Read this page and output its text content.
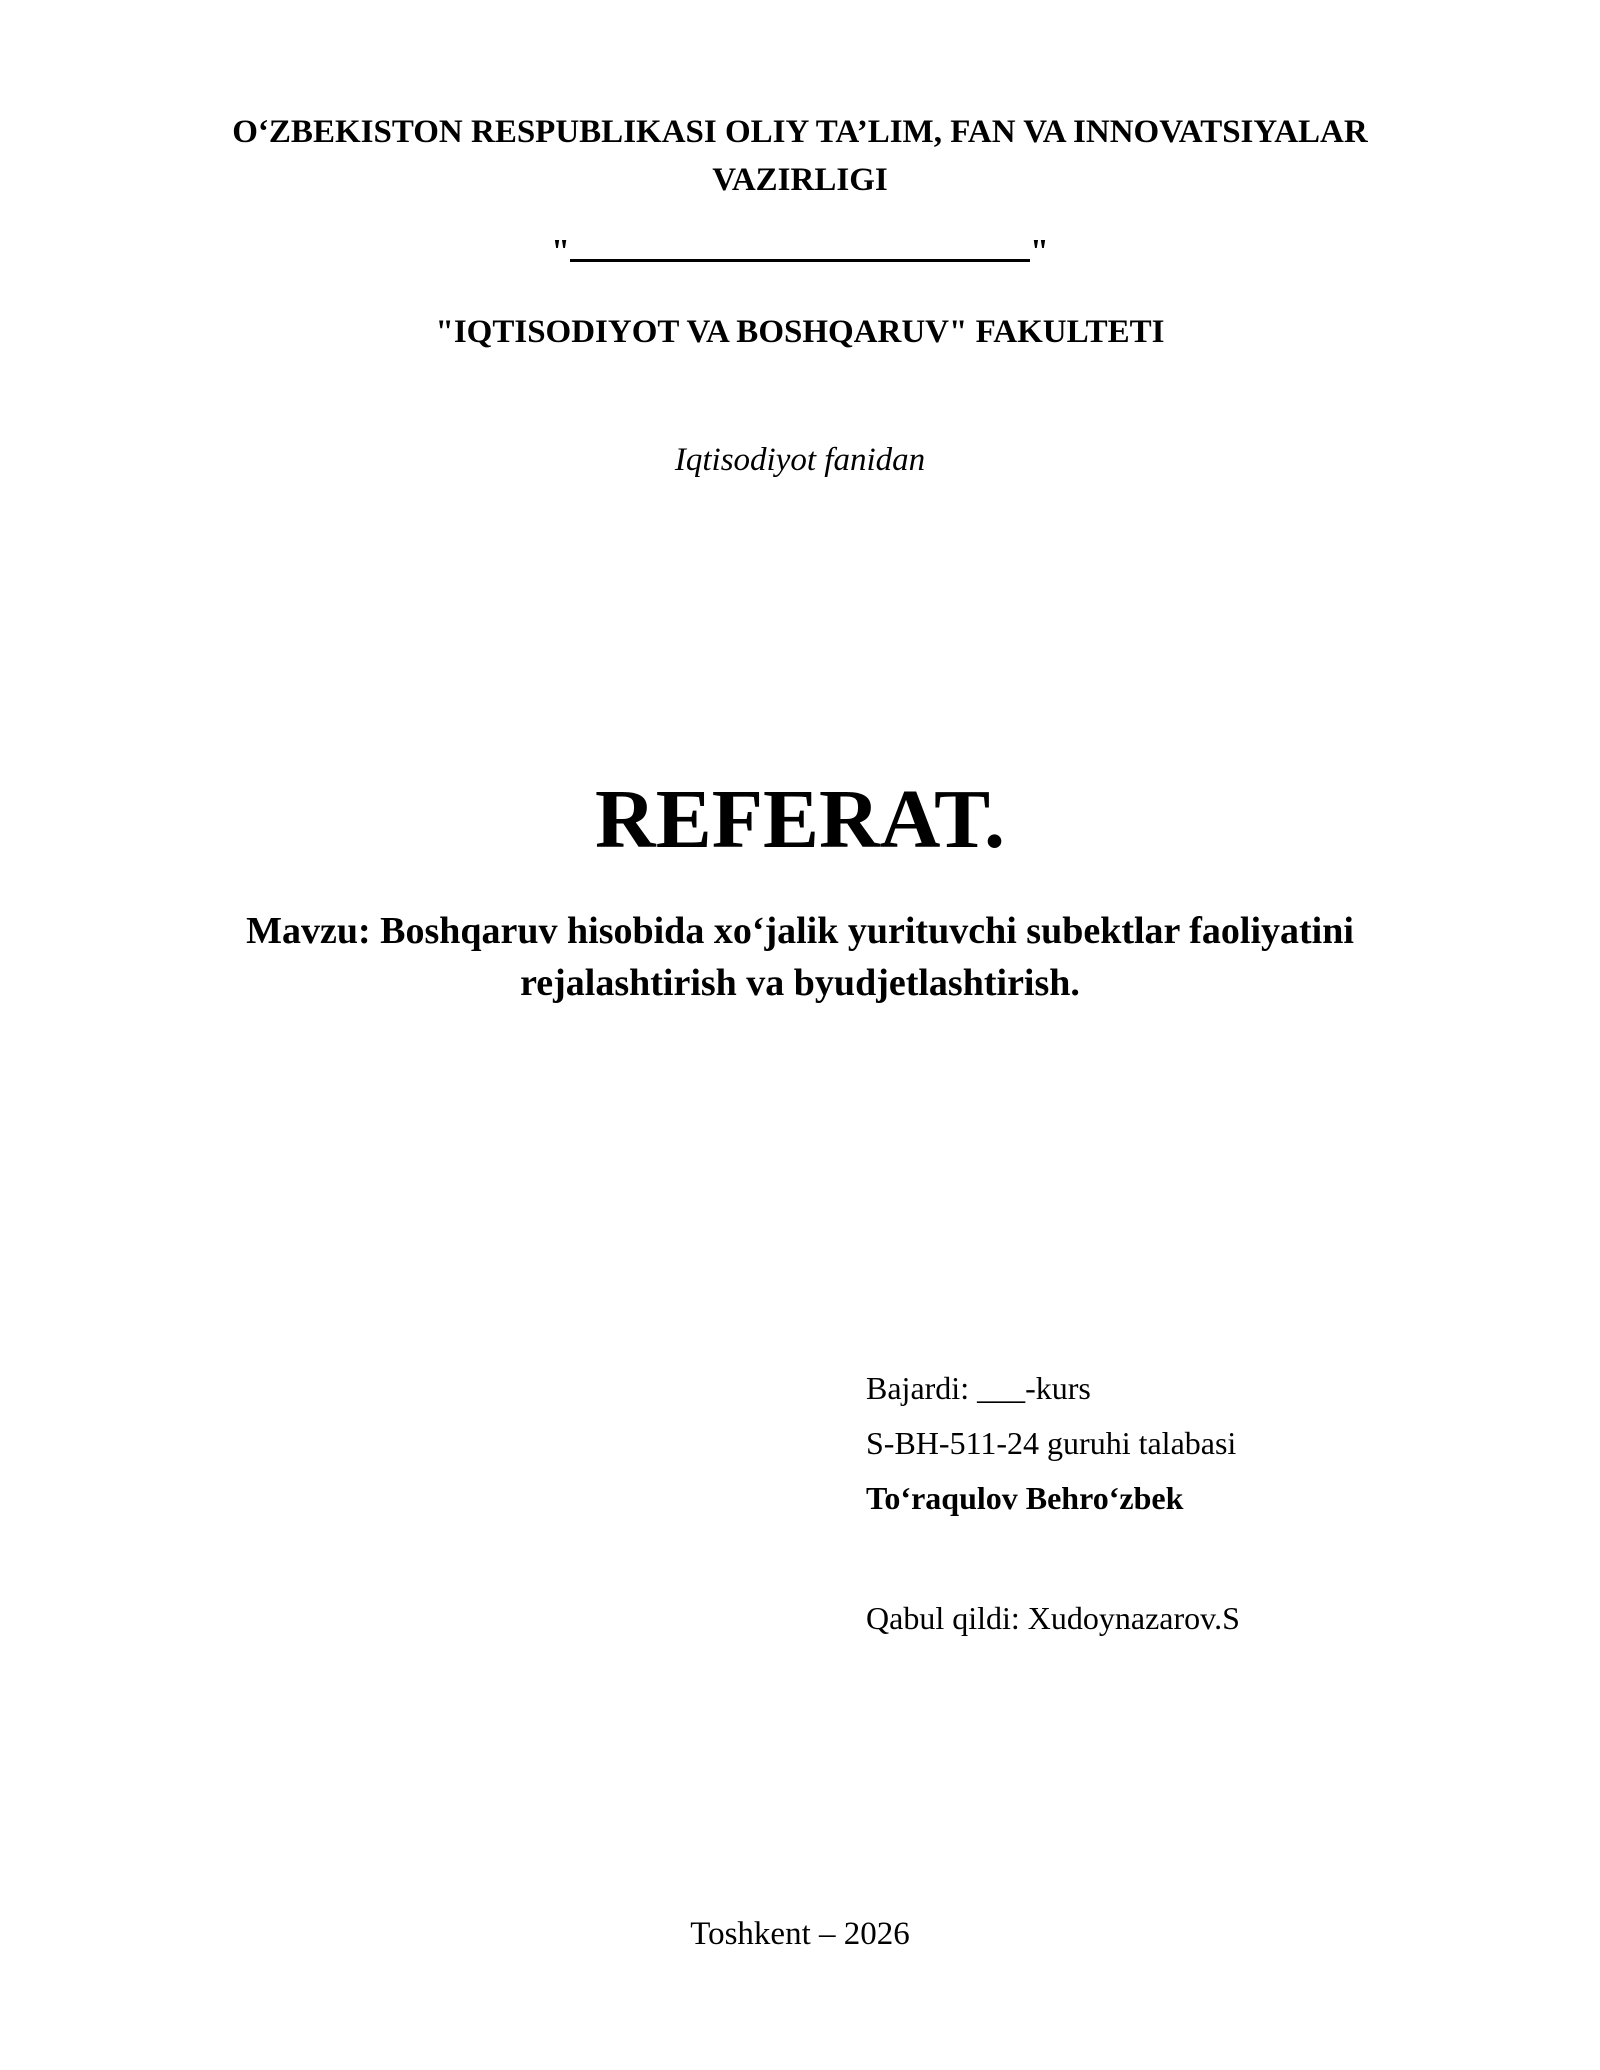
O‘ZBEKISTON RESPUBLIKASI OLIY TA’LIM, FAN VA INNOVATSIYALAR
VAZIRLIGI
"	"
"IQTISODIYOT VA BOSHQARUV" FAKULTETI
Iqtisodiyot fanidan
REFERAT.
Mavzu: Boshqaruv hisobida xo‘jalik yurituvchi subektlar faoliyatini
rejalashtirish va byudjetlashtirish.
Bajardi: ___-kurs
S-BH-511-24 guruhi talabasi
To‘raqulov Behro‘zbek
Qabul qildi: Xudoynazarov.S
Toshkent – 2026
